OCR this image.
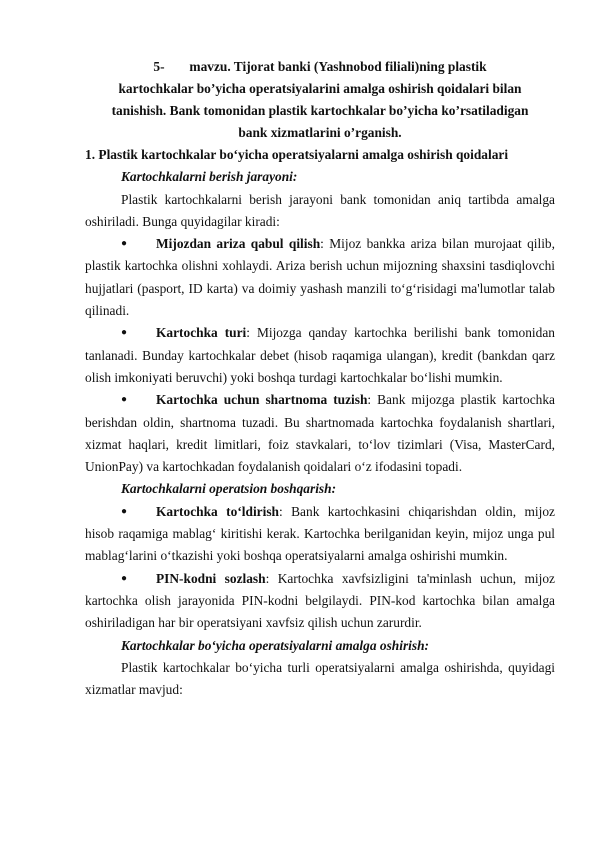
5- mavzu. Tijorat banki (Yashnobod filiali)ning plastik

kartochkalar bo’yicha operatsiyalarini amalga oshirish qoidalari bilan

tanishish. Bank tomonidan plastik kartochkalar bo’yicha ko’rsatiladigan

bank xizmatlarini o’rganish.

1. Plastik kartochkalar bo‘yicha operatsiyalarni amalga oshirish qoidalari

Kartochkalarni berish jarayoni:

Plastik kartochkalarni berish jarayoni bank tomonidan aniq tartibda amalga oshiriladi. Bunga quyidagilar kiradi:

● Mijozdan ariza qabul qilish: Mijoz bankka ariza bilan murojaat qilib, plastik kartochka olishni xohlaydi. Ariza berish uchun mijozning shaxsini tasdiqlovchi hujjatlari (pasport, ID karta) va doimiy yashash manzili to‘g‘risidagi ma'lumotlar talab qilinadi.

● Kartochka turi: Mijozga qanday kartochka berilishi bank tomonidan tanlanadi. Bunday kartochkalar debet (hisob raqamiga ulangan), kredit (bankdan qarz olish imkoniyati beruvchi) yoki boshqa turdagi kartochkalar bo‘lishi mumkin.

● Kartochka uchun shartnoma tuzish: Bank mijozga plastik kartochka berishdan oldin, shartnoma tuzadi. Bu shartnomada kartochka foydalanish shartlari, xizmat haqlari, kredit limitlari, foiz stavkalari, to‘lov tizimlari (Visa, MasterCard, UnionPay) va kartochkadan foydalanish qoidalari o‘z ifodasini topadi.

Kartochkalarni operatsion boshqarish:

● Kartochka to‘ldirish: Bank kartochkasini chiqarishdan oldin, mijoz hisob raqamiga mablag‘ kiritishi kerak. Kartochka berilganidan keyin, mijoz unga pul mablag‘larini o‘tkazishi yoki boshqa operatsiyalarni amalga oshirishi mumkin.

● PIN-kodni sozlash: Kartochka xavfsizligini ta'minlash uchun, mijoz kartochka olish jarayonida PIN-kodni belgilaydi. PIN-kod kartochka bilan amalga oshiriladigan har bir operatsiyani xavfsiz qilish uchun zarurdir.

Kartochkalar bo‘yicha operatsiyalarni amalga oshirish:

Plastik kartochkalar bo‘yicha turli operatsiyalarni amalga oshirishda, quyidagi xizmatlar mavjud:
